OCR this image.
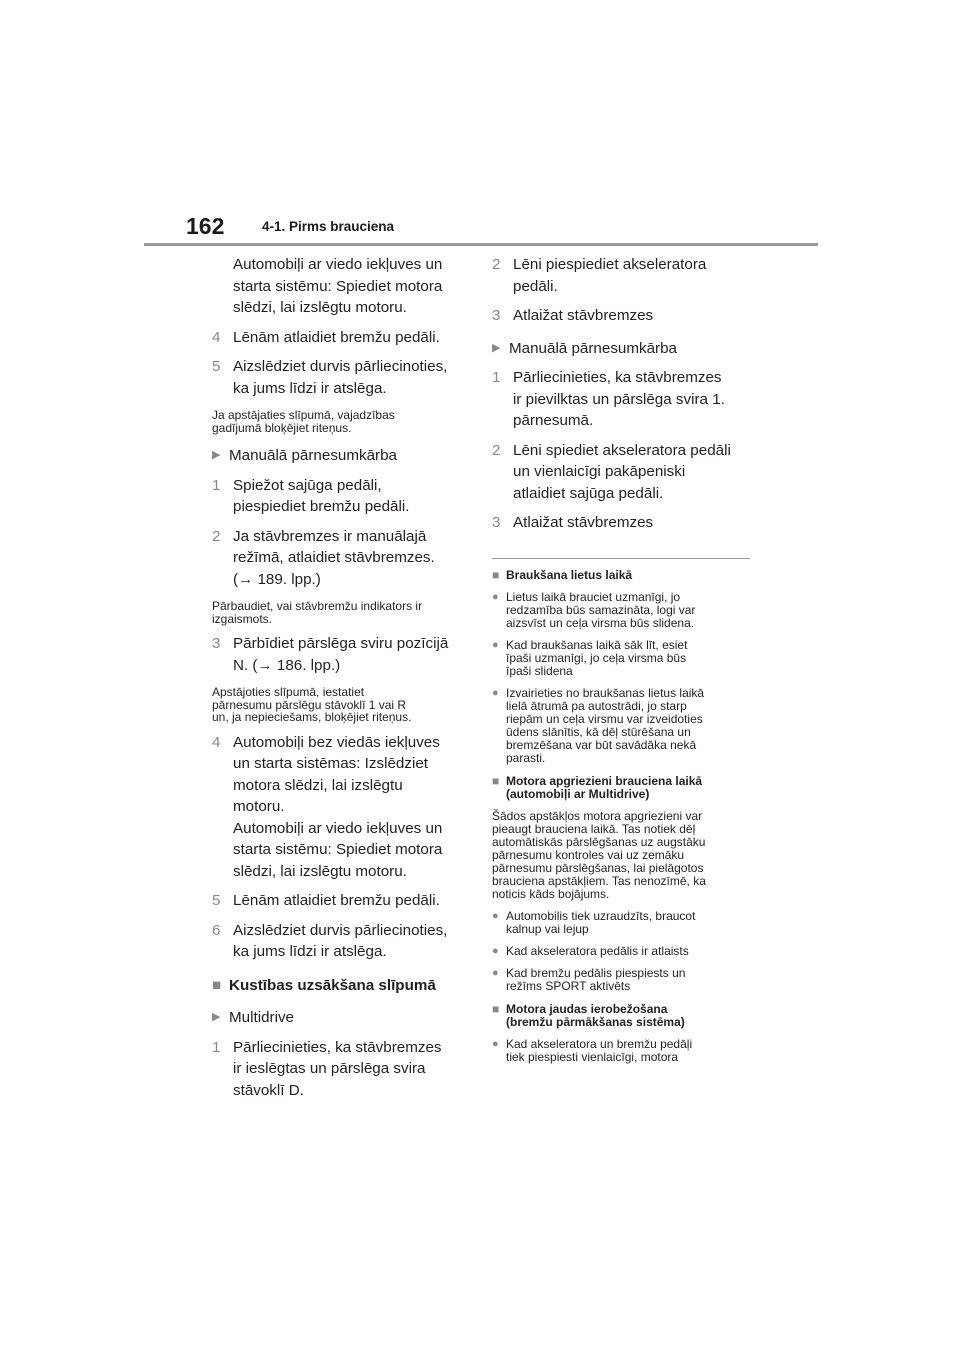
162	4-1. Pirms brauciena

Automobiļi ar viedo iekļuves un

starta sistēmu: Spiediet motora

slēdzi, lai izslēgtu motoru.

4 Lēnām atlaidiet bremžu pedāli.

5 Aizslēdziet durvis pārliecinoties,

ka jums līdzi ir atslēga.

Ja apstājaties slīpumā, vajadzības
gadījumā bloķējiet riteņus.
▶ Manuālā pārnesumkārba
1 Spiežot sajūga pedāli,

piespiediet bremžu pedāli.

2 Ja stāvbremzes ir manuālajā

režīmā, atlaidiet stāvbremzes.

(→ 189. lpp.)

Pārbaudiet, vai stāvbremžu indikators ir
izgaismots.
3 Pārbīdiet pārslēga sviru pozīcijā

N. (→ 186. lpp.)

Apstājoties slīpumā, iestatiet
pārnesumu pārslēgu stāvoklī 1 vai R
un, ja nepieciešams, bloķējiet riteņus.
4 Automobiļi bez viedās iekļuves

un starta sistēmas: Izslēdziet

motora slēdzi, lai izslēgtu

motoru.

Automobiļi ar viedo iekļuves un

starta sistēmu: Spiediet motora

slēdzi, lai izslēgtu motoru.

5 Lēnām atlaidiet bremžu pedāli.

6 Aizslēdziet durvis pārliecinoties,

ka jums līdzi ir atslēga.

■ Kustības uzsākšana slīpumā
▶ Multidrive
1 Pārliecinieties, ka stāvbremzes

ir ieslēgtas un pārslēga svira

stāvoklī D.

2 Lēni piespiediet akseleratora

pedāli.

3 Atlaižat stāvbremzes

▶ Manuālā pārnesumkārba
1 Pārliecinieties, ka stāvbremzes

ir pievilktas un pārslēga svira 1.

pārnesumā.

2 Lēni spiediet akseleratora pedāli

un vienlaicīgi pakāpeniski

atlaidiet sajūga pedāli.

3 Atlaižat stāvbremzes

■ Braukšana lietus laikā
● Lietus laikā brauciet uzmanīgi, jo
redzamība būs samazināta, logi var
aizsvīst un ceļa virsma būs slidena.
● Kad braukšanas laikā sāk līt, esiet
īpaši uzmanīgi, jo ceļa virsma būs
īpaši slidena
● Izvairieties no braukšanas lietus laikā
lielā ātrumā pa autostrādi, jo starp
riepām un ceļa virsmu var izveidoties
ūdens slānītis, kā dēļ stūrēšana un
bremzēšana var būt savādāka nekā
parasti.
■ Motora apgriezieni brauciena laikā
(automobiļi ar Multidrive)
Šādos apstākļos motora apgriezieni var
pieaugt brauciena laikā. Tas notiek dēļ
automātiskās pārslēgšanas uz augstāku
pārnesumu kontroles vai uz zemāku
pārnesumu pārslēgšanas, lai pielāgotos
brauciena apstākļiem. Tas nenozīmē, ka
noticis kāds bojājums.
● Automobilis tiek uzraudzīts, braucot
kalnup vai lejup
● Kad akseleratora pedālis ir atlaists
● Kad bremžu pedālis piespiests un
režīms SPORT aktivēts
■ Motora jaudas ierobežošana
(bremžu pārmākšanas sistēma)
● Kad akseleratora un bremžu pedāļi
tiek piespiesti vienlaicīgi, motora
